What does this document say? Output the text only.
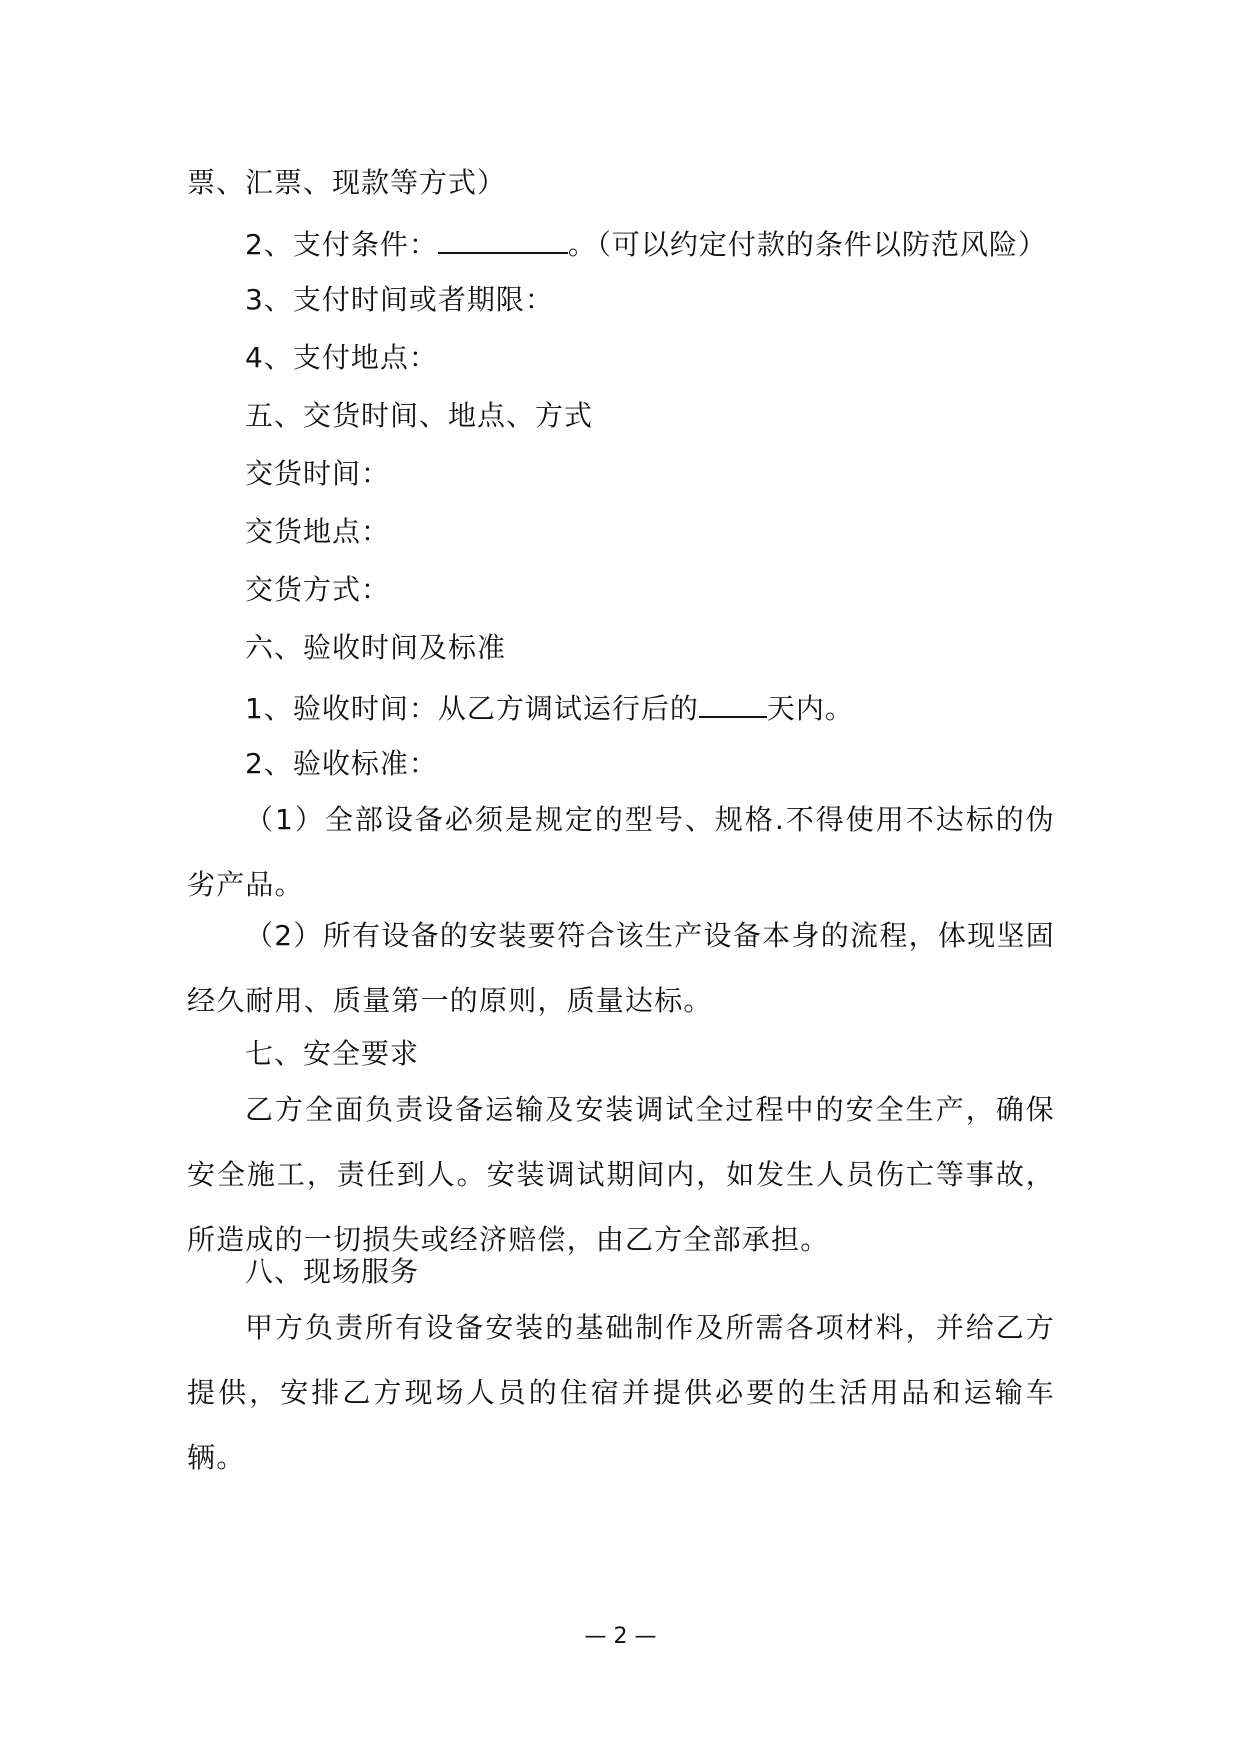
票、汇票、现款等方式）
2、支付条件：	。（可以约定付款的条件以防范风险）
3、支付时间或者期限：
4、支付地点：
五、交货时间、地点、方式
交货时间：
交货地点：
交货方式：
六、验收时间及标准
1、验收时间：从乙方调试运行后的 天内。
2、验收标准：

（1）全部设备必须是规定的型号、规格.不得使用不达标的伪劣产品。

（2）所有设备的安装要符合该生产设备本身的流程，体现坚固经久耐用、质量第一的原则，质量达标。

七、安全要求

乙方全面负责设备运输及安装调试全过程中的安全生产，确保安全施工，责任到人。安装调试期间内，如发生人员伤亡等事故，所造成的一切损失或经济赔偿，由乙方全部承担。

八、现场服务

甲方负责所有设备安装的基础制作及所需各项材料，并给乙方提供，安排乙方现场人员的住宿并提供必要的生活用品和运输车辆。

— 2 —
